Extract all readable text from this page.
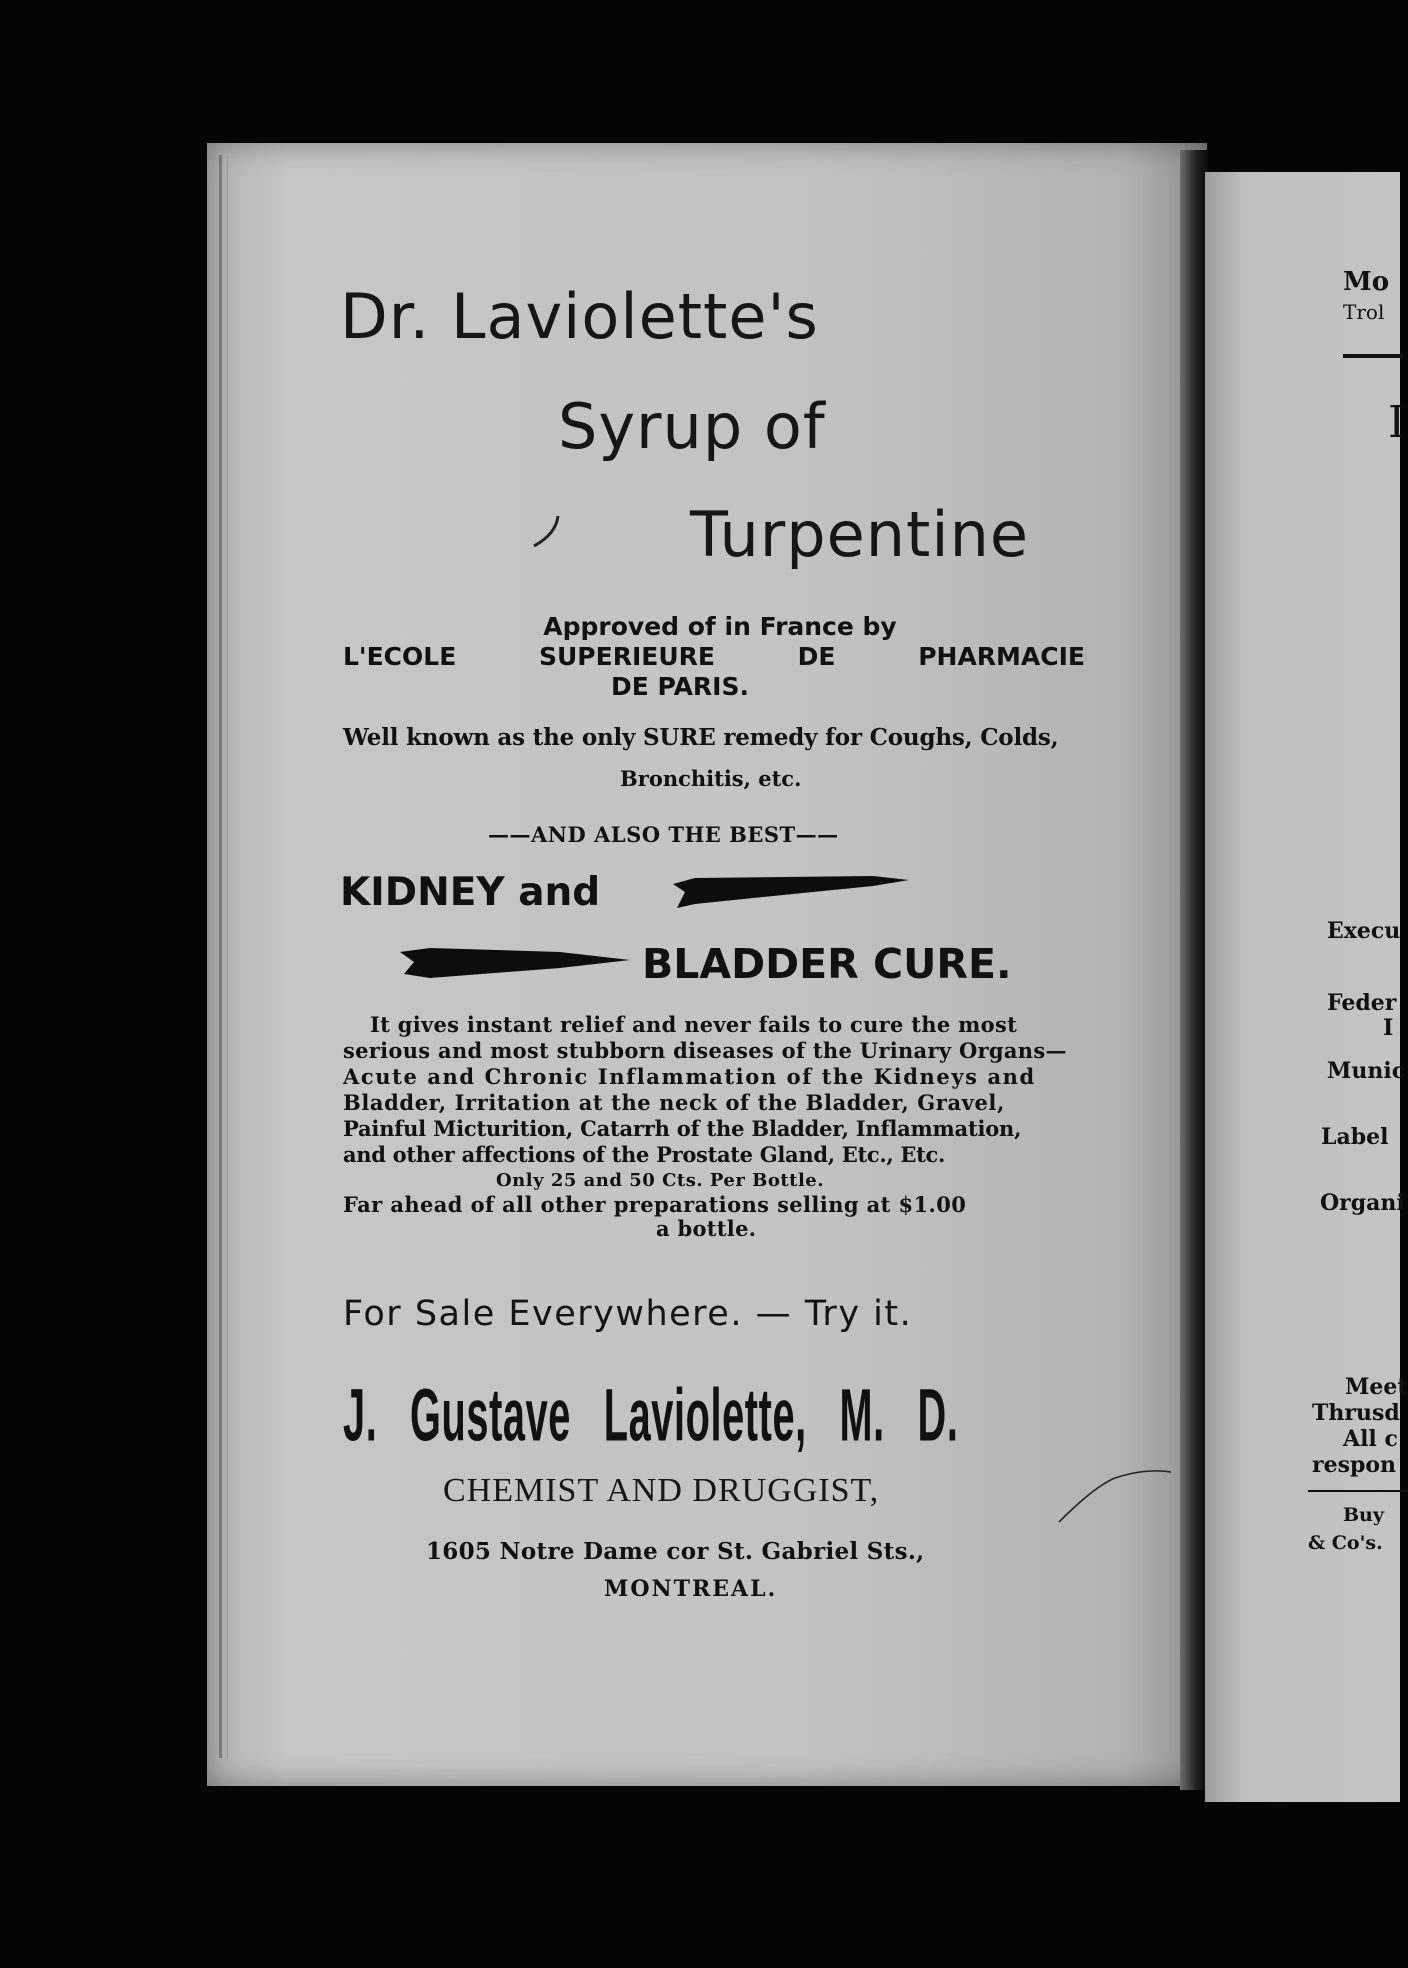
Mo
Trol
I
Execu
Feder
I
Munic
Label
Organi
Meet
Thrusd
All c
respon
Buy
& Co's.
Dr. Laviolette's
Syrup of
Turpentine
Approved of in France by
L'ECOLE	SUPERIEURE	DE	PHARMACIE
DE PARIS.
Well known as the only SURE remedy for Coughs, Colds,
Bronchitis, etc.
——AND ALSO THE BEST——
KIDNEY and
BLADDER CURE.
It gives instant relief and never fails to cure the most
serious and most stubborn diseases of the Urinary Organs—
Acute and Chronic Inflammation of the Kidneys and
Bladder, Irritation at the neck of the Bladder, Gravel,
Painful Micturition, Catarrh of the Bladder, Inflammation,
and other affections of the Prostate Gland, Etc., Etc.
Only 25 and 50 Cts. Per Bottle.
Far ahead of all other preparations selling at $1.00
a bottle.
For Sale Everywhere. — Try it.
J. Gustave Laviolette, M. D.
CHEMIST AND DRUGGIST,
1605 Notre Dame cor St. Gabriel Sts.,
MONTREAL.
